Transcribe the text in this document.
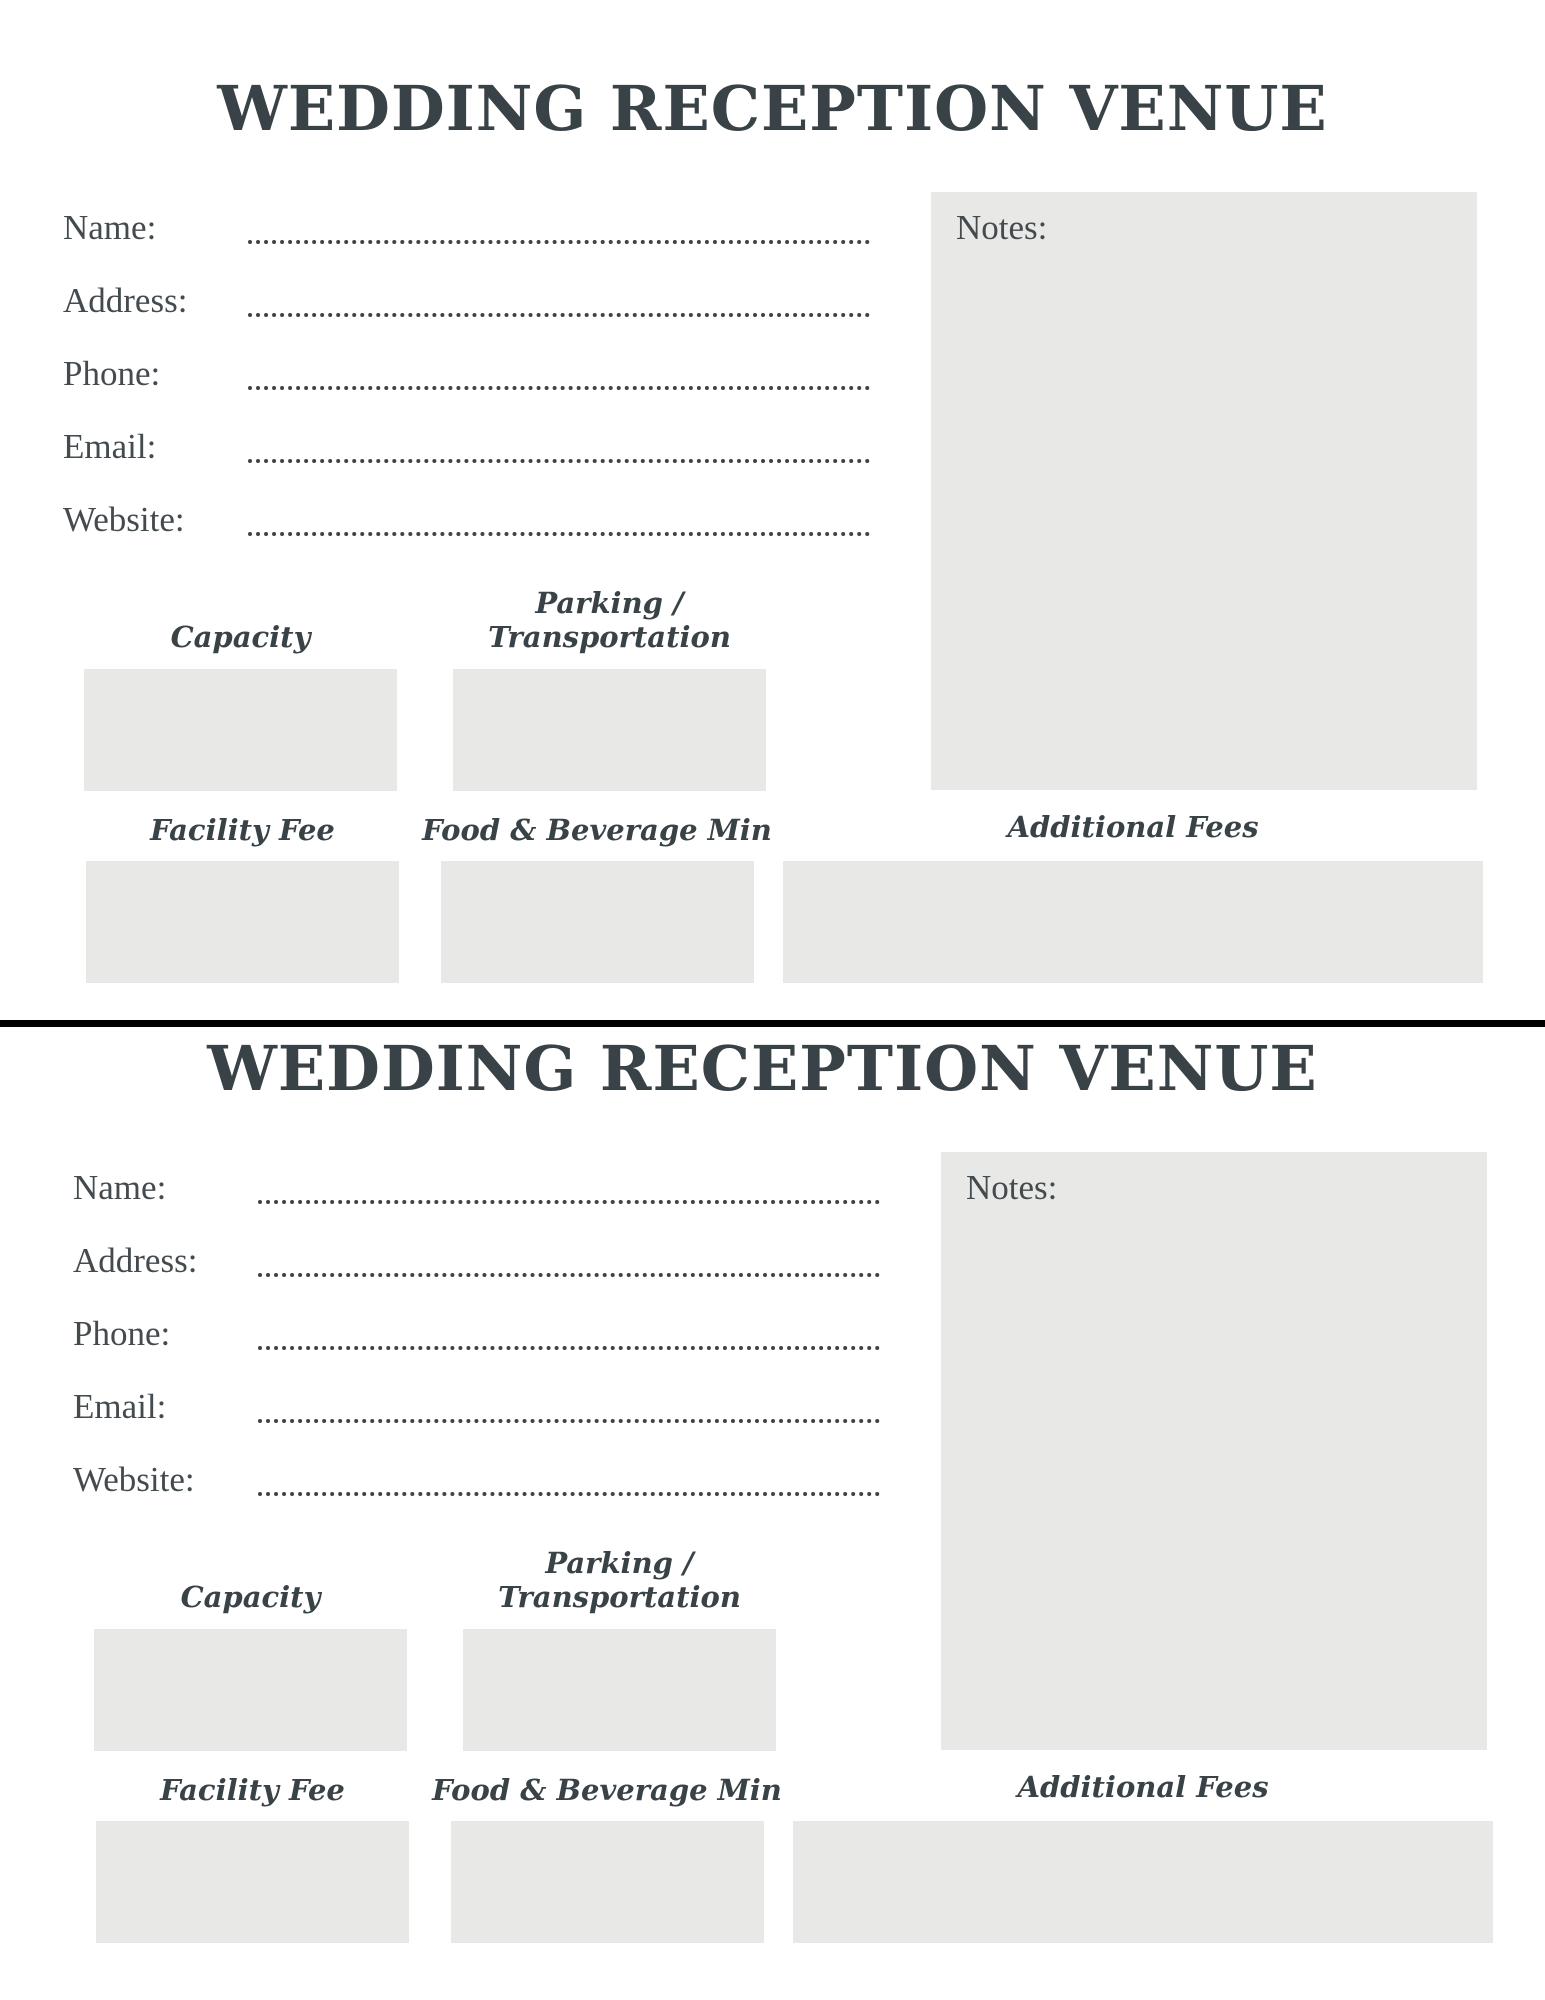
WEDDING RECEPTION VENUE
Name:
Address:
Phone:
Email:
Website:
Notes:
Capacity
Parking /
Transportation
Facility Fee	Food & Beverage Min	Additional Fees
WEDDING RECEPTION VENUE
Name:
Address:
Phone:
Email:
Website:
Notes:
Capacity
Parking /
Transportation
Facility Fee	Food & Beverage Min	Additional Fees
